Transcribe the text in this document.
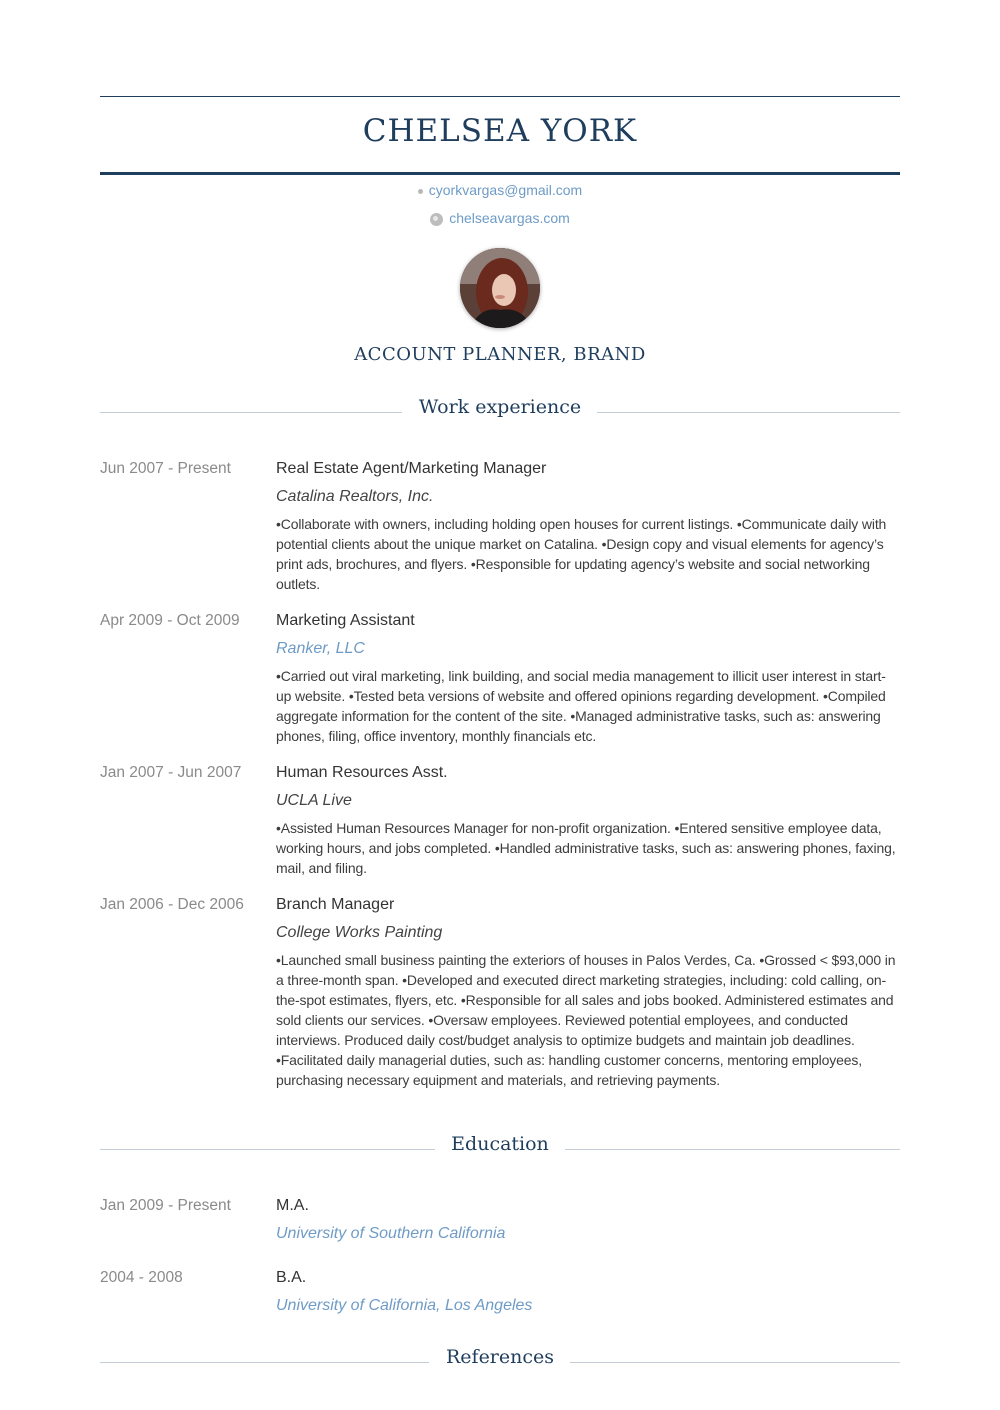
CHELSEA YORK
cyorkvargas@gmail.com
chelseavargas.com
ACCOUNT PLANNER, BRAND
Work experience
Jun 2007 - Present	Real Estate Agent/Marketing Manager
Catalina Realtors, Inc.
•Collaborate with owners, including holding open houses for current listings. •Communicate daily with potential clients about the unique market on Catalina. •Design copy and visual elements for agency’s print ads, brochures, and flyers. •Responsible for updating agency’s website and social networking outlets.
Apr 2009 - Oct 2009	Marketing Assistant
Ranker, LLC
•Carried out viral marketing, link building, and social media management to illicit user interest in start-up website. •Tested beta versions of website and offered opinions regarding development. •Compiled aggregate information for the content of the site. •Managed administrative tasks, such as: answering phones, filing, office inventory, monthly financials etc.
Jan 2007 - Jun 2007	Human Resources Asst.
UCLA Live
•Assisted Human Resources Manager for non-profit organization. •Entered sensitive employee data, working hours, and jobs completed. •Handled administrative tasks, such as: answering phones, faxing, mail, and filing.
Jan 2006 - Dec 2006	Branch Manager
College Works Painting
•Launched small business painting the exteriors of houses in Palos Verdes, Ca. •Grossed < $93,000 in a three-month span. •Developed and executed direct marketing strategies, including: cold calling, on-the-spot estimates, flyers, etc. •Responsible for all sales and jobs booked. Administered estimates and sold clients our services. •Oversaw employees. Reviewed potential employees, and conducted interviews. Produced daily cost/budget analysis to optimize budgets and maintain job deadlines. •Facilitated daily managerial duties, such as: handling customer concerns, mentoring employees, purchasing necessary equipment and materials, and retrieving payments.
Education
Jan 2009 - Present	M.A.
University of Southern California
2004 - 2008	B.A.
University of California, Los Angeles
References
